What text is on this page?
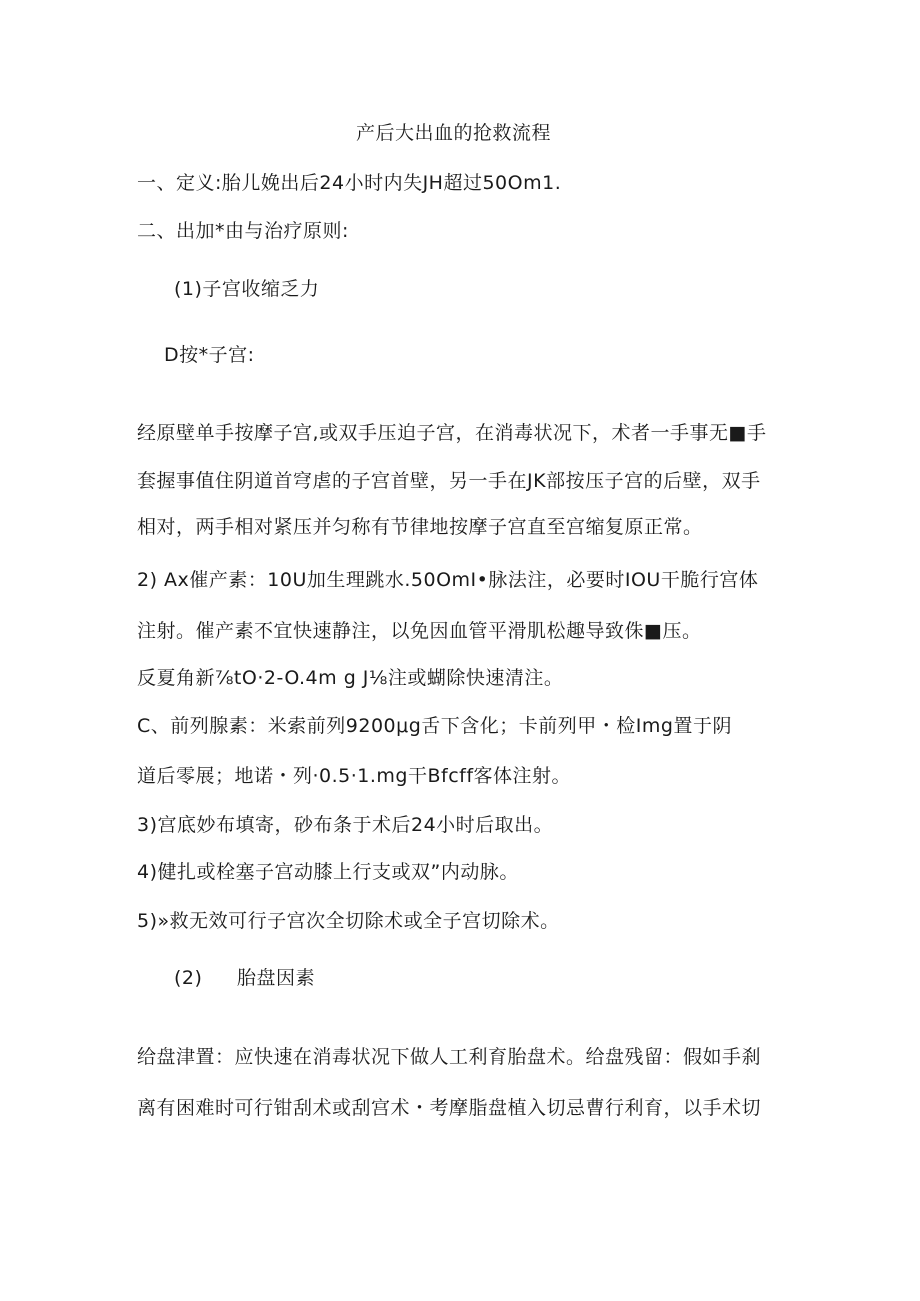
产后大出血的抢救流程
一、定义:胎儿娩出后24小时内失JH超过50Om1.
二、出加*由与治疗原则:
(1)子宫收缩乏力
D按*子宫:
经原壁单手按摩子宫,或双手压迫子宫，在消毒状况下，术者一手事无■手
套握事值住阴道首穹虐的子宫首壁，另一手在JK部按压子宫的后壁，双手
相对，两手相对紧压并匀称有节律地按摩子宫直至宫缩复原正常。
2) Ax催产素：10U加生理跳水.50OmI•脉法注，必要时IOU干脆行宫体
注射。催产素不宜快速静注，以免因血管平滑肌松趣导致侏■压。
反夏角新⅞tO·2-O.4m g J⅛注或蝴除快速清注。
C、前列腺素：米索前列9200μg舌下含化；卡前列甲・检Img置于阴
道后零展；地诺・列·0.5·1.mg干Bfcff客体注射。
3)宫底妙布填寄，砂布条于术后24小时后取出。
4)健扎或栓塞子宫动膝上行支或双”内动脉。
5)»救无效可行子宫次全切除术或全子宫切除术。
(2) 胎盘因素
给盘津置：应快速在消毒状况下做人工利育胎盘术。给盘残留：假如手刹
离有困难时可行钳刮术或刮宫术・考摩脂盘植入切忌曹行利育，以手术切
